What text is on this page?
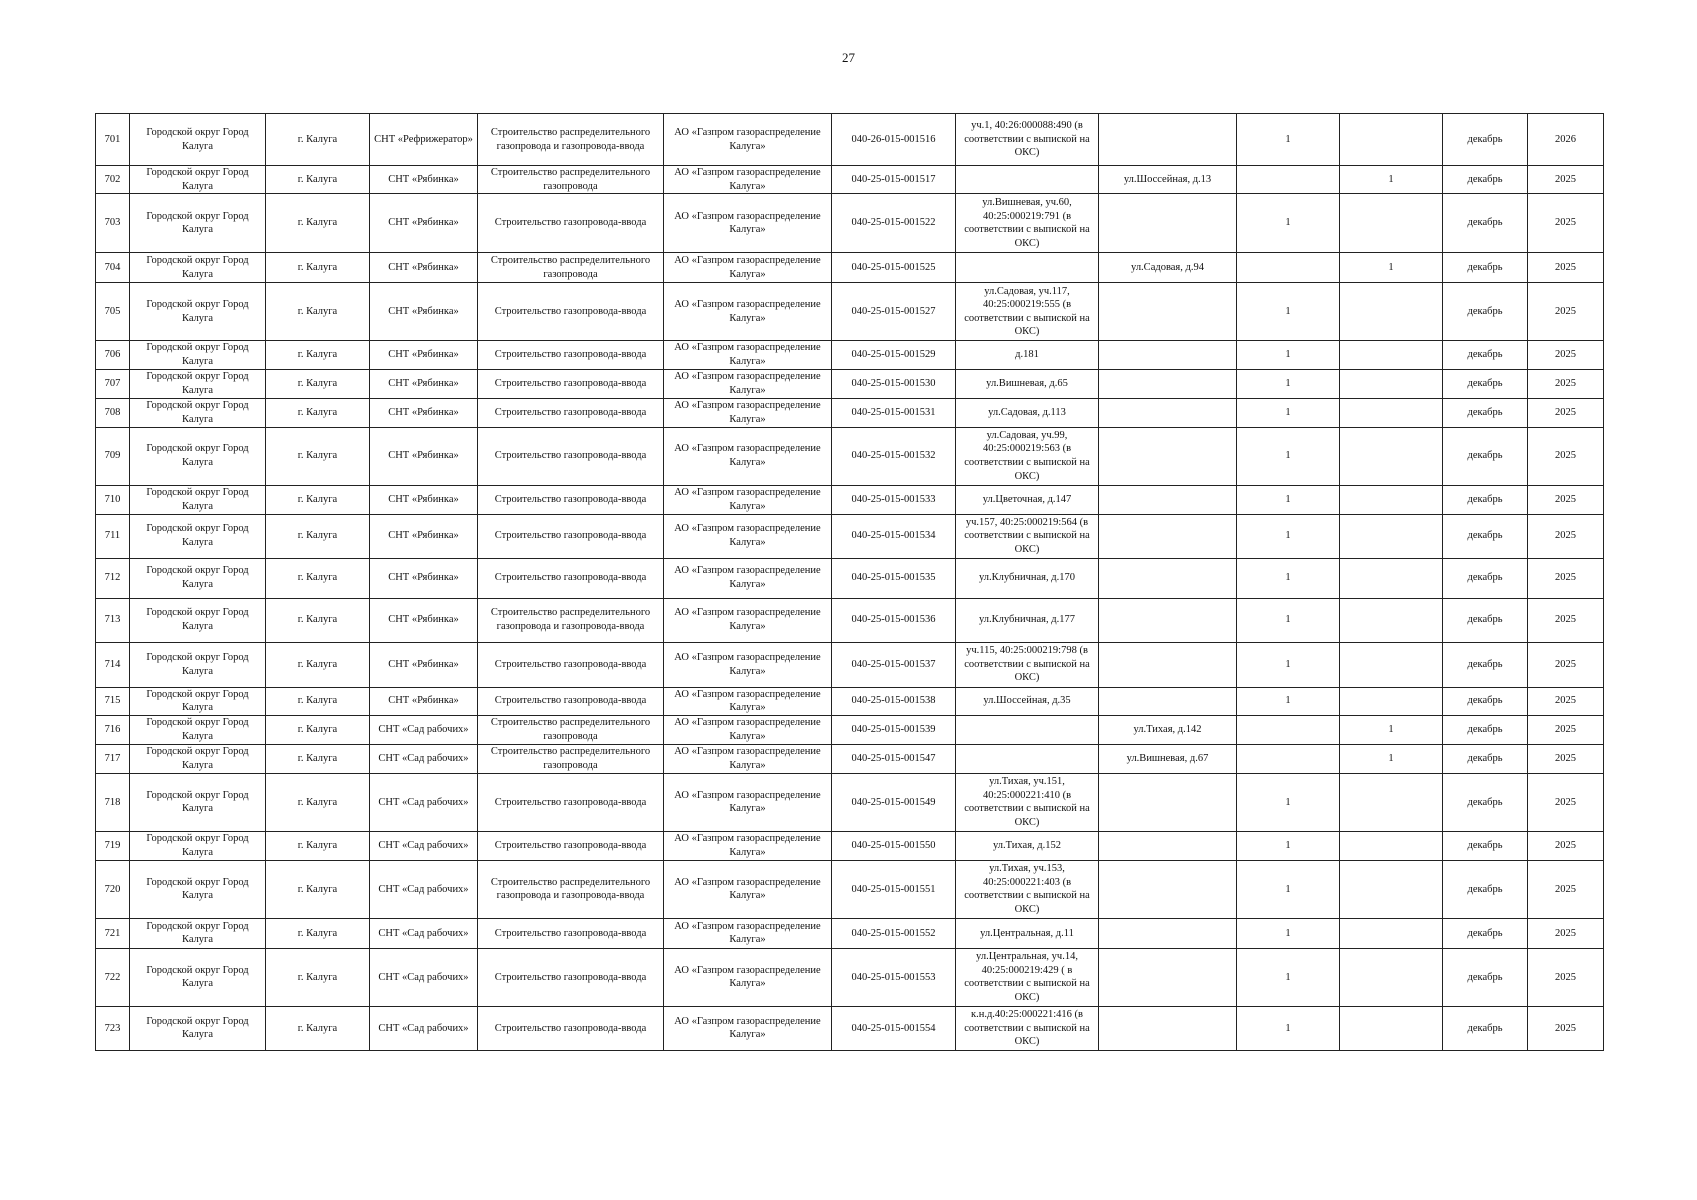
27
701	Городской округ Город Калуга	г. Калуга	СНТ «Рефрижератор»	Строительство распределительного газопровода и газопровода-ввода	АО «Газпром газораспределение Калуга»	040-26-015-001516	уч.1, 40:26:000088:490 (в соответствии с выпиской на ОКС)		1		декабрь	2026
702	Городской округ Город Калуга	г. Калуга	СНТ «Рябинка»	Строительство распределительного газопровода	АО «Газпром газораспределение Калуга»	040-25-015-001517		ул.Шоссейная, д.13		1	декабрь	2025
703	Городской округ Город Калуга	г. Калуга	СНТ «Рябинка»	Строительство газопровода-ввода	АО «Газпром газораспределение Калуга»	040-25-015-001522	ул.Вишневая, уч.60, 40:25:000219:791 (в соответствии с выпиской на ОКС)		1		декабрь	2025
704	Городской округ Город Калуга	г. Калуга	СНТ «Рябинка»	Строительство распределительного газопровода	АО «Газпром газораспределение Калуга»	040-25-015-001525		ул.Садовая, д.94		1	декабрь	2025
705	Городской округ Город Калуга	г. Калуга	СНТ «Рябинка»	Строительство газопровода-ввода	АО «Газпром газораспределение Калуга»	040-25-015-001527	ул.Садовая, уч.117, 40:25:000219:555 (в соответствии с выпиской на ОКС)		1		декабрь	2025
706	Городской округ Город Калуга	г. Калуга	СНТ «Рябинка»	Строительство газопровода-ввода	АО «Газпром газораспределение Калуга»	040-25-015-001529	д.181		1		декабрь	2025
707	Городской округ Город Калуга	г. Калуга	СНТ «Рябинка»	Строительство газопровода-ввода	АО «Газпром газораспределение Калуга»	040-25-015-001530	ул.Вишневая, д.65		1		декабрь	2025
708	Городской округ Город Калуга	г. Калуга	СНТ «Рябинка»	Строительство газопровода-ввода	АО «Газпром газораспределение Калуга»	040-25-015-001531	ул.Садовая, д.113		1		декабрь	2025
709	Городской округ Город Калуга	г. Калуга	СНТ «Рябинка»	Строительство газопровода-ввода	АО «Газпром газораспределение Калуга»	040-25-015-001532	ул.Садовая, уч.99, 40:25:000219:563 (в соответствии с выпиской на ОКС)		1		декабрь	2025
710	Городской округ Город Калуга	г. Калуга	СНТ «Рябинка»	Строительство газопровода-ввода	АО «Газпром газораспределение Калуга»	040-25-015-001533	ул.Цветочная, д.147		1		декабрь	2025
711	Городской округ Город Калуга	г. Калуга	СНТ «Рябинка»	Строительство газопровода-ввода	АО «Газпром газораспределение Калуга»	040-25-015-001534	уч.157, 40:25:000219:564 (в соответствии с выпиской на ОКС)		1		декабрь	2025
712	Городской округ Город Калуга	г. Калуга	СНТ «Рябинка»	Строительство газопровода-ввода	АО «Газпром газораспределение Калуга»	040-25-015-001535	ул.Клубничная, д.170		1		декабрь	2025
713	Городской округ Город Калуга	г. Калуга	СНТ «Рябинка»	Строительство распределительного газопровода и газопровода-ввода	АО «Газпром газораспределение Калуга»	040-25-015-001536	ул.Клубничная, д.177		1		декабрь	2025
714	Городской округ Город Калуга	г. Калуга	СНТ «Рябинка»	Строительство газопровода-ввода	АО «Газпром газораспределение Калуга»	040-25-015-001537	уч.115, 40:25:000219:798 (в соответствии с выпиской на ОКС)		1		декабрь	2025
715	Городской округ Город Калуга	г. Калуга	СНТ «Рябинка»	Строительство газопровода-ввода	АО «Газпром газораспределение Калуга»	040-25-015-001538	ул.Шоссейная, д.35		1		декабрь	2025
716	Городской округ Город Калуга	г. Калуга	СНТ «Сад рабочих»	Строительство распределительного газопровода	АО «Газпром газораспределение Калуга»	040-25-015-001539		ул.Тихая, д.142		1	декабрь	2025
717	Городской округ Город Калуга	г. Калуга	СНТ «Сад рабочих»	Строительство распределительного газопровода	АО «Газпром газораспределение Калуга»	040-25-015-001547		ул.Вишневая, д.67		1	декабрь	2025
718	Городской округ Город Калуга	г. Калуга	СНТ «Сад рабочих»	Строительство газопровода-ввода	АО «Газпром газораспределение Калуга»	040-25-015-001549	ул.Тихая, уч.151, 40:25:000221:410 (в соответствии с выпиской на ОКС)		1		декабрь	2025
719	Городской округ Город Калуга	г. Калуга	СНТ «Сад рабочих»	Строительство газопровода-ввода	АО «Газпром газораспределение Калуга»	040-25-015-001550	ул.Тихая, д.152		1		декабрь	2025
720	Городской округ Город Калуга	г. Калуга	СНТ «Сад рабочих»	Строительство распределительного газопровода и газопровода-ввода	АО «Газпром газораспределение Калуга»	040-25-015-001551	ул.Тихая, уч.153, 40:25:000221:403 (в соответствии с выпиской на ОКС)		1		декабрь	2025
721	Городской округ Город Калуга	г. Калуга	СНТ «Сад рабочих»	Строительство газопровода-ввода	АО «Газпром газораспределение Калуга»	040-25-015-001552	ул.Центральная, д.11		1		декабрь	2025
722	Городской округ Город Калуга	г. Калуга	СНТ «Сад рабочих»	Строительство газопровода-ввода	АО «Газпром газораспределение Калуга»	040-25-015-001553	ул.Центральная, уч.14, 40:25:000219:429 ( в соответствии с выпиской на ОКС)		1		декабрь	2025
723	Городской округ Город Калуга	г. Калуга	СНТ «Сад рабочих»	Строительство газопровода-ввода	АО «Газпром газораспределение Калуга»	040-25-015-001554	к.н.д.40:25:000221:416 (в соответствии с выпиской на ОКС)		1		декабрь	2025
